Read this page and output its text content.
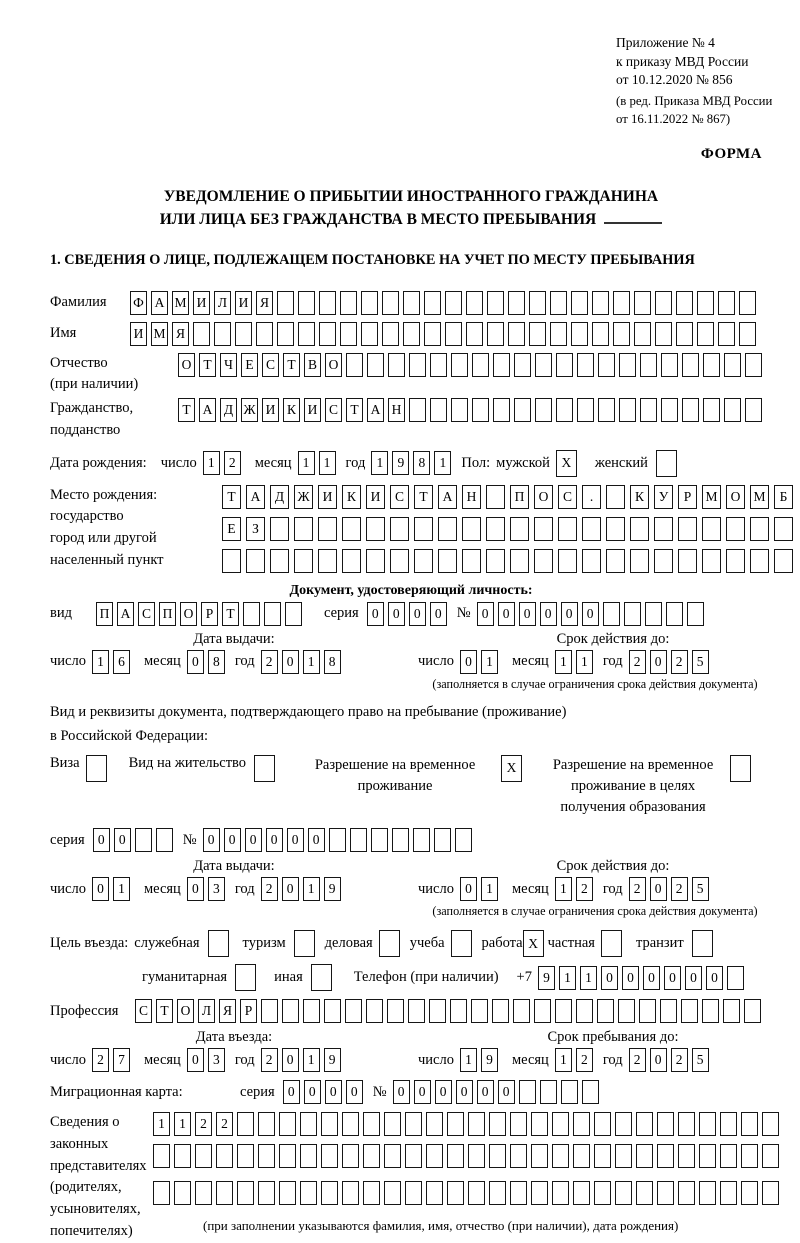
Приложение № 4
к приказу МВД России
от 10.12.2020 № 856
(в ред. Приказа МВД России
от 16.11.2022 № 867)
ФОРМА
УВЕДОМЛЕНИЕ О ПРИБЫТИИ ИНОСТРАННОГО ГРАЖДАНИНА
ИЛИ ЛИЦА БЕЗ ГРАЖДАНСТВА В МЕСТО ПРЕБЫВАНИЯ
1. СВЕДЕНИЯ О ЛИЦЕ, ПОДЛЕЖАЩЕМ ПОСТАНОВКЕ НА УЧЕТ ПО МЕСТУ ПРЕБЫВАНИЯ
Фамилия	Ф А М И Л И Я
Имя	И М Я
Отчество
(при наличии)
О Т Ч Е С Т В О
Гражданство,
подданство
Т А Д Ж И К И С Т А Н
Дата рождения: число 1	2	месяц 1	1	год 1	9	8	1	Пол: мужской X	женский
Место рождения:
государство
город или другой
населенный пункт
Т	А	Д Ж И	К	И	С	Т	А	Н	П	О	С	.	К	У	Р	М О М	Б

Е	З

Документ, удостоверяющий личность:
вид	П А С П О Р Т	серия 0	0	0	0	№ 0	0	0	0	0	0
Дата выдачи:
число 1	6	месяц 0	8	год 2	0	1	8
Срок действия до:
число 0	1	месяц 1	1	год 2	0	2	5
(заполняется в случае ограничения срока действия документа)
Вид и реквизиты документа, подтверждающего право на пребывание (проживание)
в Российской Федерации:
Виза	Вид на жительство	Разрешение на временное
проживание
X	Разрешение на временное
проживание в целях
получения образования
серия 0	0	№ 0	0	0	0	0	0
Дата выдачи:
число 0	1	месяц 0	3	год 2	0	1	9
Срок действия до:
число 0	1	месяц 1	2	год 2	0	2	5
(заполняется в случае ограничения срока действия документа)
Цель въезда: служебная	туризм	деловая	учеба	работа X частная	транзит
гуманитарная	иная	Телефон (при наличии) +7 9	1	1	0	0	0	0	0	0
Профессия	С Т О Л Я Р
Дата въезда:
число 2	7	месяц 0	3	год 2	0	1	9
Срок пребывания до:
число 1	9	месяц 1	2	год 2	0	2	5
Миграционная карта:	серия 0	0	0	0	№ 0	0	0	0	0	0
Сведения о
законных
представителях
(родителях,
усыновителях,
попечителях)
1	1	2	2

(при заполнении указываются фамилия, имя, отчество (при наличии), дата рождения)
